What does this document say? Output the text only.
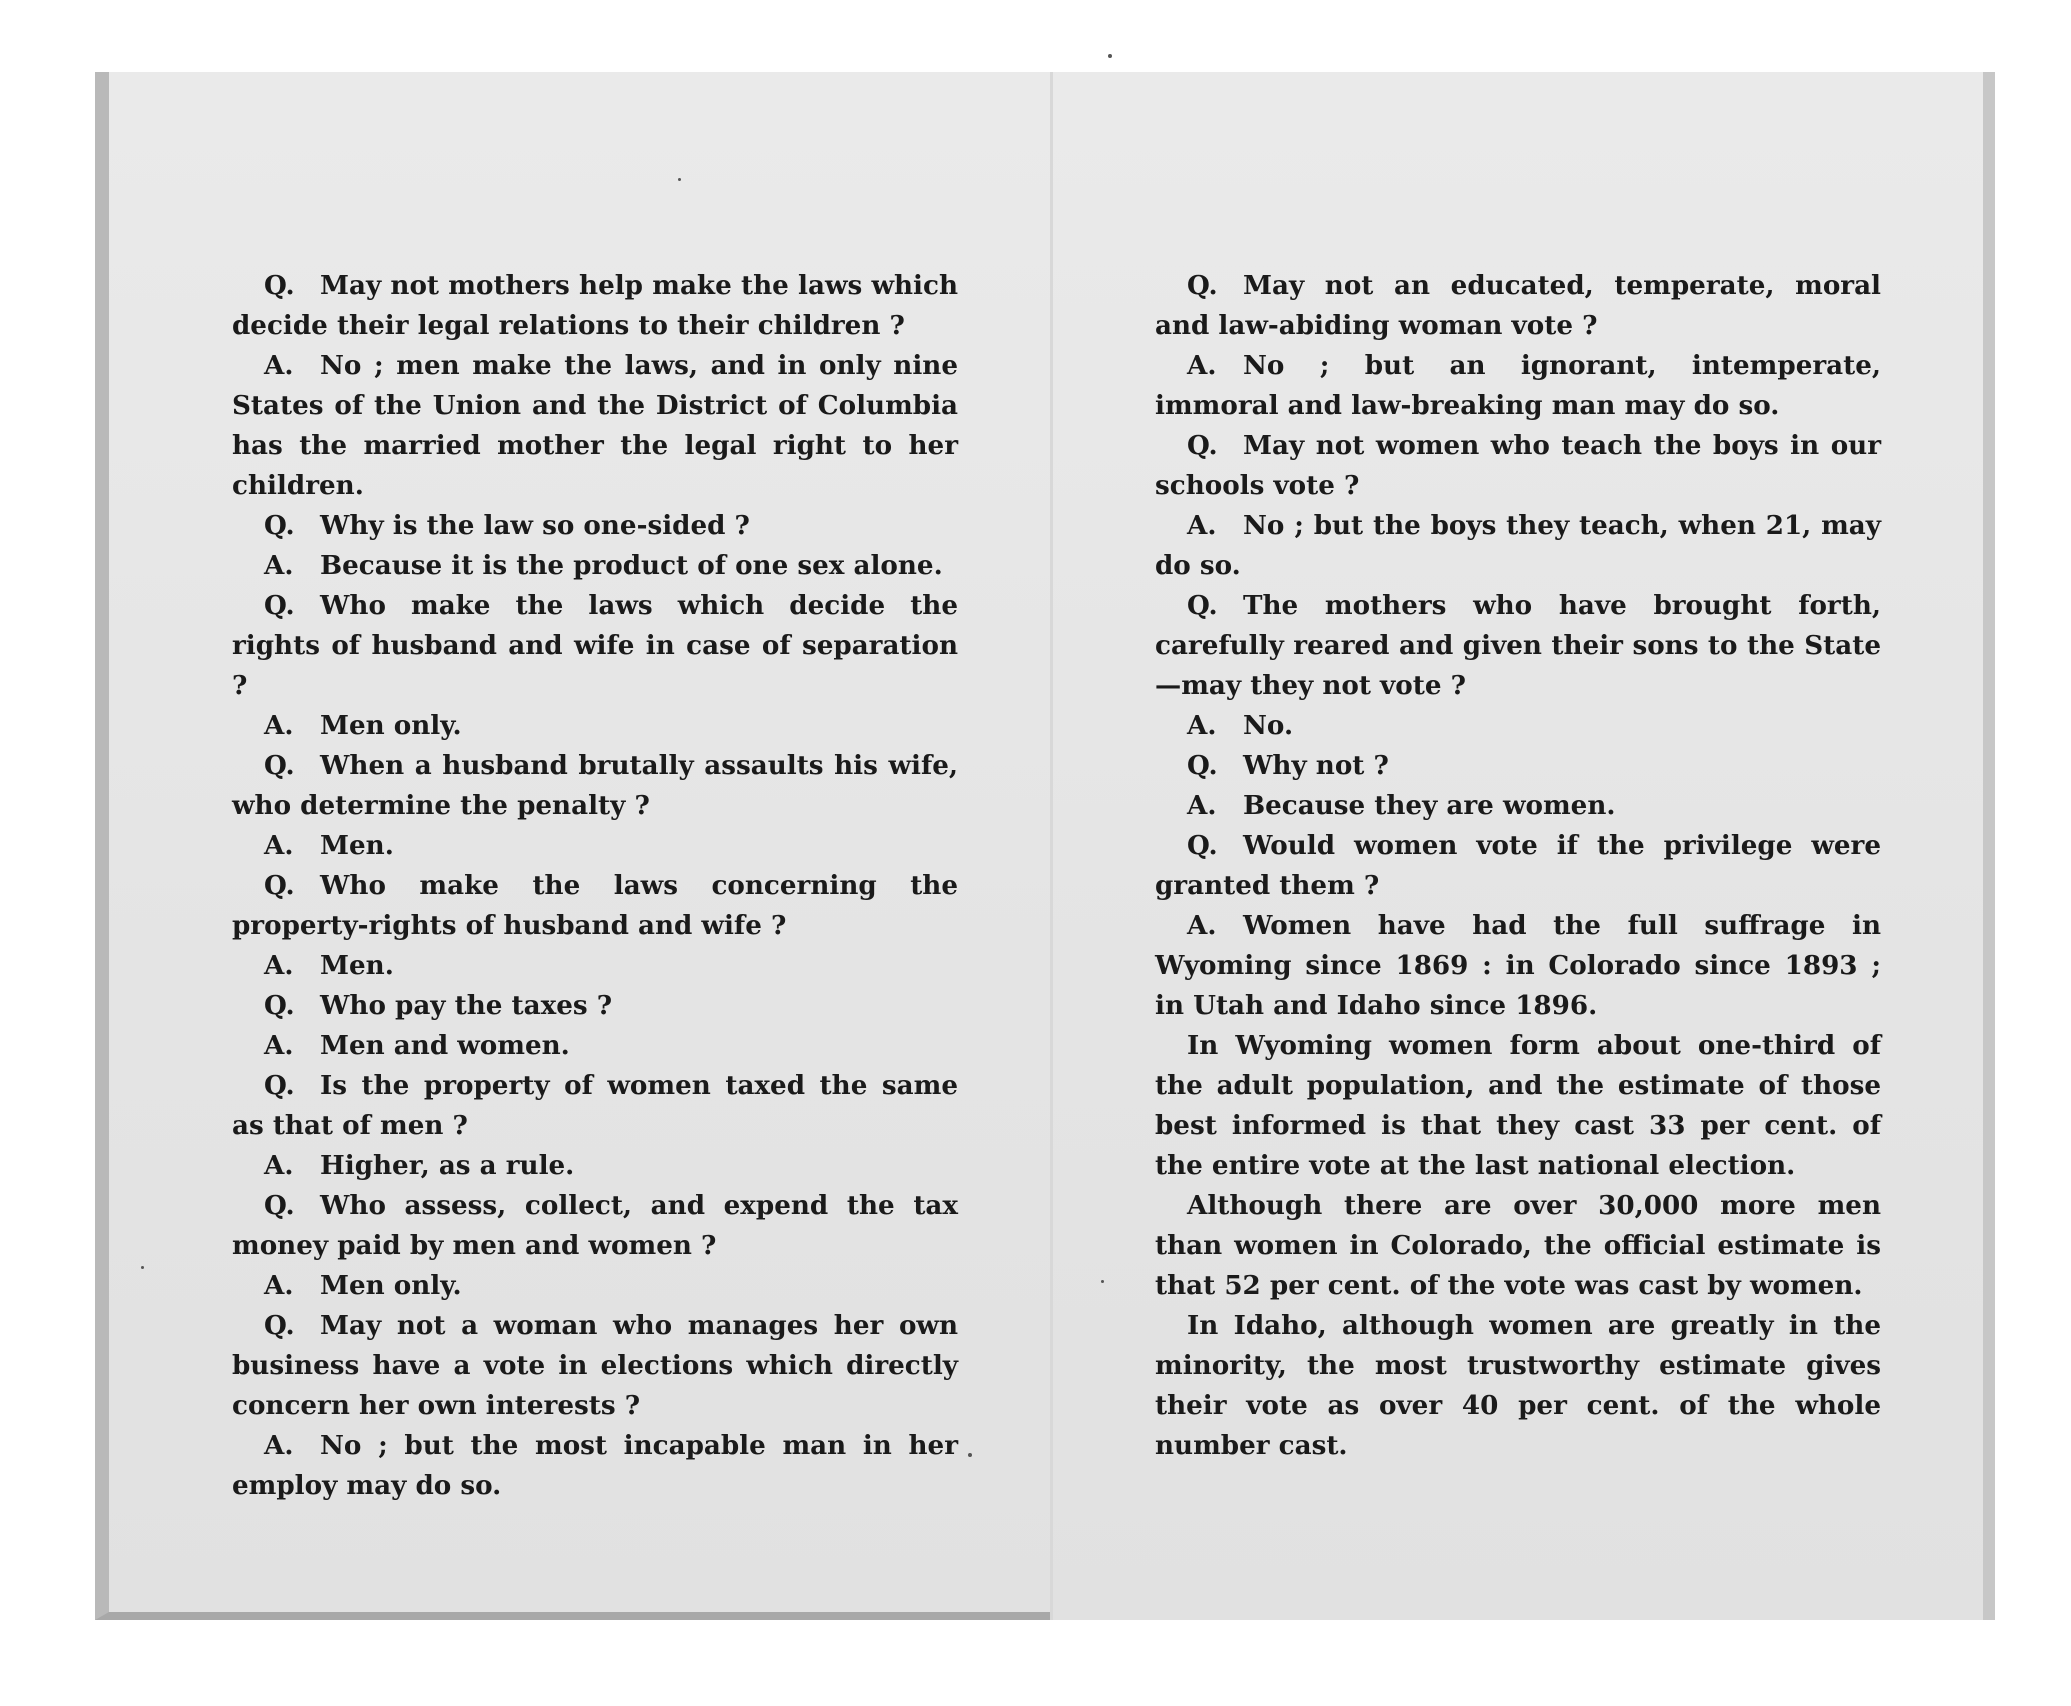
Q. May not mothers help make the laws which decide their legal relations to their children ?

A. No ; men make the laws, and in only nine States of the Union and the District of Columbia has the married mother the legal right to her children.

Q. Why is the law so one-sided ?

A. Because it is the product of one sex alone.

Q. Who make the laws which decide the rights of husband and wife in case of separation ?

A. Men only.

Q. When a husband brutally assaults his wife, who determine the penalty ?

A. Men.

Q. Who make the laws concerning the property-rights of husband and wife ?

A. Men.

Q. Who pay the taxes ?

A. Men and women.

Q. Is the property of women taxed the same as that of men ?

A. Higher, as a rule.

Q. Who assess, collect, and expend the tax money paid by men and women ?

A. Men only.

Q. May not a woman who manages her own business have a vote in elections which directly concern her own interests ?

A. No ; but the most incapable man in her employ may do so.

Q. May not an educated, temperate, moral and law-abiding woman vote ?

A. No ; but an ignorant, intemperate, immoral and law-breaking man may do so.

Q. May not women who teach the boys in our schools vote ?

A. No ; but the boys they teach, when 21, may do so.

Q. The mothers who have brought forth, carefully reared and given their sons to the State—may they not vote ?

A. No.

Q. Why not ?

A. Because they are women.

Q. Would women vote if the privilege were granted them ?

A. Women have had the full suffrage in Wyoming since 1869 : in Colorado since 1893 ; in Utah and Idaho since 1896.

In Wyoming women form about one-third of the adult population, and the estimate of those best informed is that they cast 33 per cent. of the entire vote at the last national election.

Although there are over 30,000 more men than women in Colorado, the official estimate is that 52 per cent. of the vote was cast by women.

In Idaho, although women are greatly in the minority, the most trustworthy estimate gives their vote as over 40 per cent. of the whole number cast.
